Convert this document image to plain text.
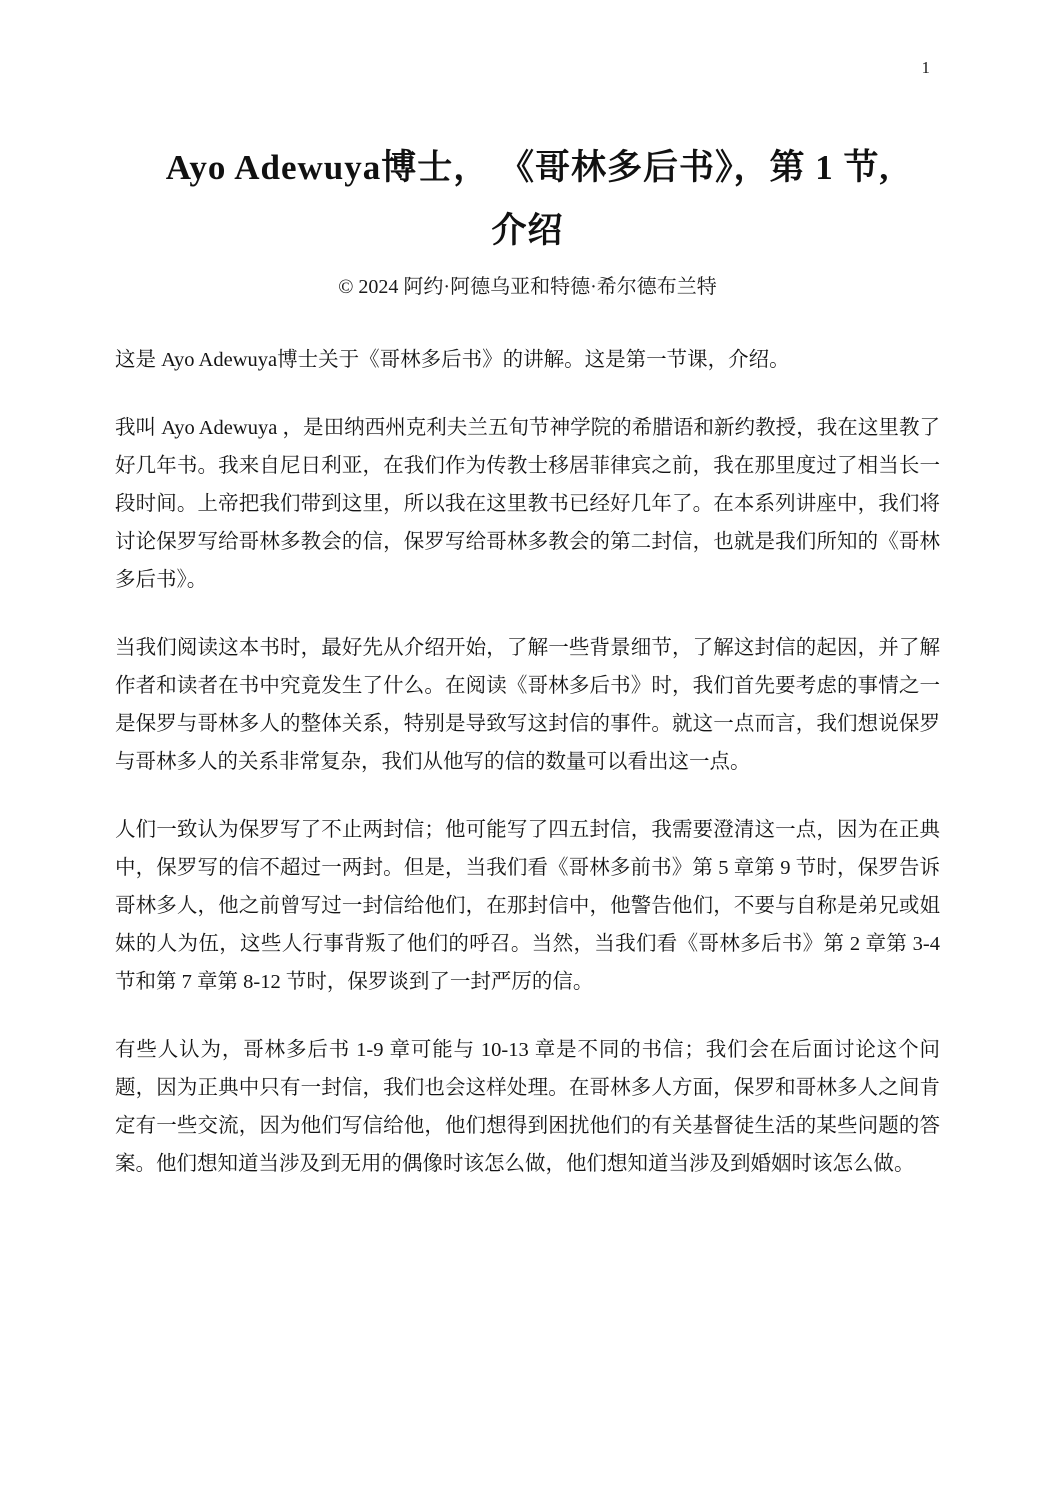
1
Ayo Adewuya博士， 《哥林多后书》，第 1 节,
介绍
© 2024 阿约·阿德乌亚和特德·希尔德布兰特

这是 Ayo Adewuya博士关于《哥林多后书》的讲解。这是第一节课，介绍。

我叫 Ayo Adewuya ，是田纳西州克利夫兰五旬节神学院的希腊语和新约教授，我在这里教了好几年书。我来自尼日利亚，在我们作为传教士移居菲律宾之前，我在那里度过了相当长一段时间。上帝把我们带到这里，所以我在这里教书已经好几年了。在本系列讲座中，我们将讨论保罗写给哥林多教会的信，保罗写给哥林多教会的第二封信，也就是我们所知的《哥林多后书》。

当我们阅读这本书时，最好先从介绍开始，了解一些背景细节，了解这封信的起因，并了解作者和读者在书中究竟发生了什么。在阅读《哥林多后书》时，我们首先要考虑的事情之一是保罗与哥林多人的整体关系，特别是导致写这封信的事件。就这一点而言，我们想说保罗与哥林多人的关系非常复杂，我们从他写的信的数量可以看出这一点。

人们一致认为保罗写了不止两封信；他可能写了四五封信，我需要澄清这一点，因为在正典中，保罗写的信不超过一两封。但是，当我们看《哥林多前书》第 5 章第 9 节时，保罗告诉哥林多人，他之前曾写过一封信给他们，在那封信中，他警告他们，不要与自称是弟兄或姐妹的人为伍，这些人行事背叛了他们的呼召。当然，当我们看《哥林多后书》第 2 章第 3-4 节和第 7 章第 8-12 节时，保罗谈到了一封严厉的信。

有些人认为，哥林多后书 1-9 章可能与 10-13 章是不同的书信；我们会在后面讨论这个问题，因为正典中只有一封信，我们也会这样处理。在哥林多人方面，保罗和哥林多人之间肯定有一些交流，因为他们写信给他，他们想得到困扰他们的有关基督徒生活的某些问题的答案。他们想知道当涉及到无用的偶像时该怎么做，他们想知道当涉及到婚姻时该怎么做。
